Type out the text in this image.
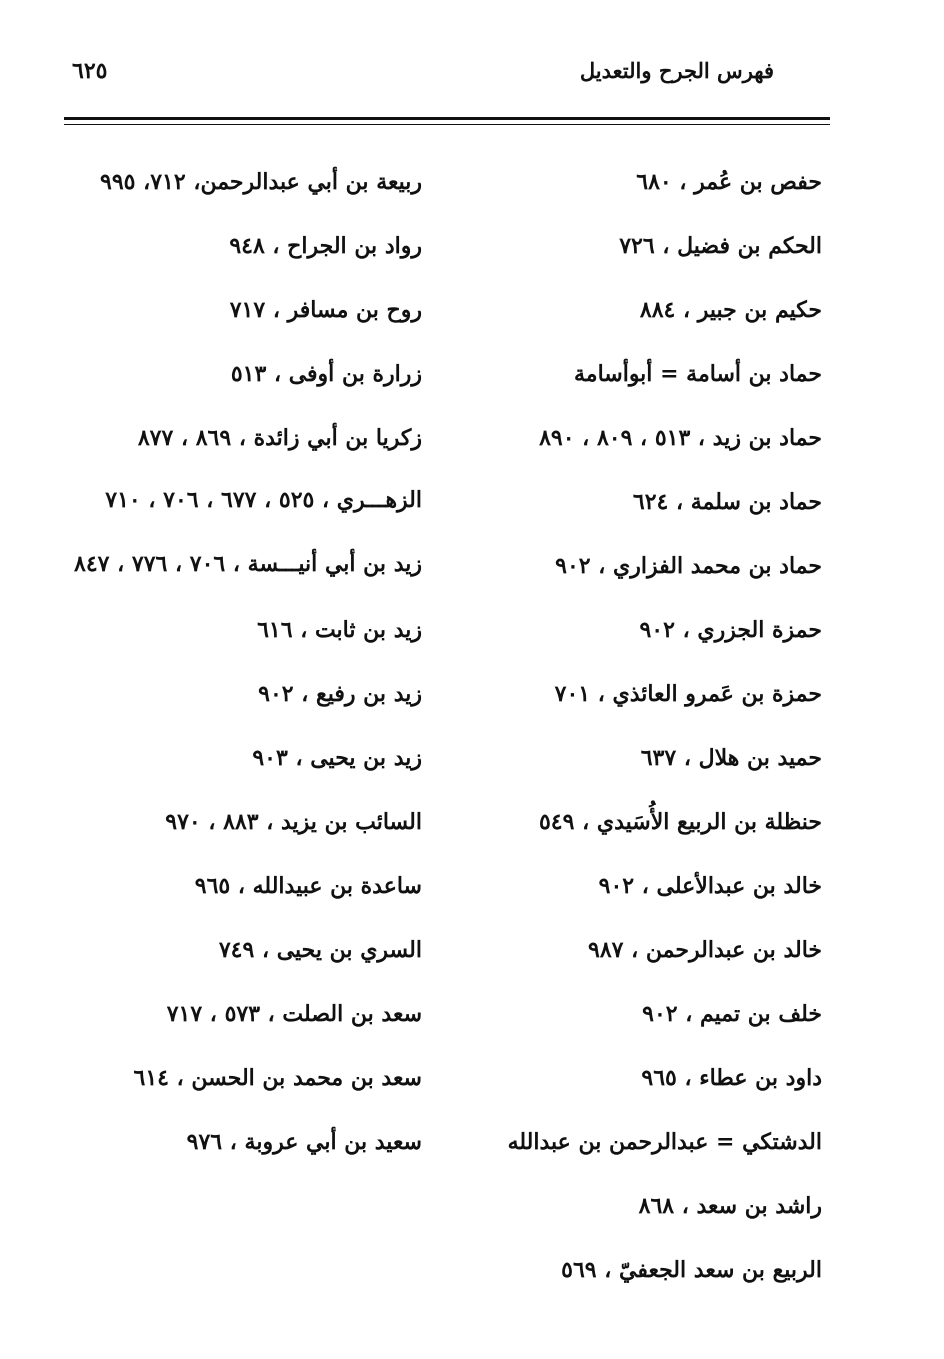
فهرس الجرح والتعديل
٦٢٥
حفص بن عُمر ، ٦٨٠
الحكم بن فضيل ، ٧٢٦
حكيم بن جبير ، ٨٨٤
حماد بن أسامة = أبوأسامة
حماد بن زيد ، ٥١٣ ، ٨٠٩ ، ٨٩٠
حماد بن سلمة ، ٦٢٤
حماد بن محمد الفزاري ، ٩٠٢
حمزة الجزري ، ٩٠٢
حمزة بن عَمرو العائذي ، ٧٠١
حميد بن هلال ، ٦٣٧
حنظلة بن الربيع الأُسَيدي ، ٥٤٩
خالد بن عبدالأعلى ، ٩٠٢
خالد بن عبدالرحمن ، ٩٨٧
خلف بن تميم ، ٩٠٢
داود بن عطاء ، ٩٦٥
الدشتكي = عبدالرحمن بن عبدالله
راشد بن سعد ، ٨٦٨
الربيع بن سعد الجعفيّ ، ٥٦٩
ربيعة بن أبي عبدالرحمن، ٧١٢، ٩٩٥
رواد بن الجراح ، ٩٤٨
روح بن مسافر ، ٧١٧
زرارة بن أوفى ، ٥١٣
زكريا بن أبي زائدة ، ٨٦٩ ، ٨٧٧
الزهـــري ، ٥٢٥ ، ٦٧٧ ، ٧٠٦ ، ٧١٠
زيد بن أبي أنيـــسة ، ٧٠٦ ، ٧٧٦ ، ٨٤٧
زيد بن ثابت ، ٦١٦
زيد بن رفيع ، ٩٠٢
زيد بن يحيى ، ٩٠٣
السائب بن يزيد ، ٨٨٣ ، ٩٧٠
ساعدة بن عبيدالله ، ٩٦٥
السري بن يحيى ، ٧٤٩
سعد بن الصلت ، ٥٧٣ ، ٧١٧
سعد بن محمد بن الحسن ، ٦١٤
سعيد بن أبي عروبة ، ٩٧٦
